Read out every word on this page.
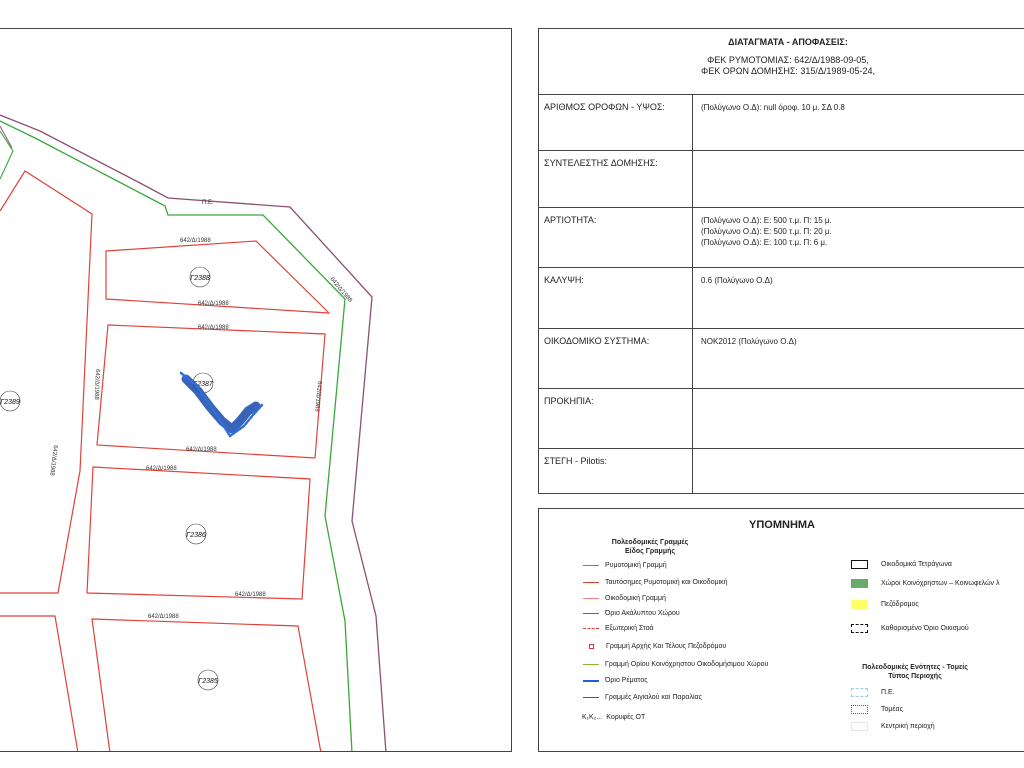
642/Δ/1988
642/Δ/1988
642/Δ/1988
642/Δ/1988
642/Δ/1988
642/Δ/1988
642/Δ/1988
642/Δ/1988
642/Δ/1988
642/Δ/1988
642/Δ/1988
Π.Ε.
Γ2388
Γ2387
Γ2389
Γ2386
Γ2385
ΔΙΑΤΑΓΜΑΤΑ - ΑΠΟΦΑΣΕΙΣ:
ΦΕΚ ΡΥΜΟΤΟΜΙΑΣ: 642/Δ/1988-09-05,
ΦΕΚ ΟΡΩΝ ΔΟΜΗΣΗΣ: 315/Δ/1989-05-24,
ΑΡΙΘΜΟΣ ΟΡΟΦΩΝ - ΥΨΟΣ:	(Πολύγωνο Ο.Δ): null όροφ. 10 μ. ΣΔ 0.8
ΣΥΝΤΕΛΕΣΤΗΣ ΔΟΜΗΣΗΣ:
ΑΡΤΙΟΤΗΤΑ:	(Πολύγωνο Ο.Δ): Ε: 500 τ.μ. Π: 15 μ.
(Πολύγωνο Ο.Δ): Ε: 500 τ.μ. Π: 20 μ.
(Πολύγωνο Ο.Δ): Ε: 100 τ.μ. Π: 6 μ.
ΚΑΛΥΨΗ:	0.6 (Πολύγωνο Ο.Δ)
ΟΙΚΟΔΟΜΙΚΟ ΣΥΣΤΗΜΑ:	ΝΟΚ2012 (Πολύγωνο Ο.Δ)
ΠΡΟΚΗΠΙΑ:
ΣΤΕΓΗ - Pilotis:
ΥΠΟΜΝΗΜΑ
Πολεοδομικές Γραμμές
Είδος Γραμμής
Ρυμοτομική Γραμμή
Ταυτόσημες Ρυμοτομική και Οικοδομική
Οικοδομική Γραμμή
Όριο Ακάλυπτου Χώρου
Εξωτερική Στοά
Γραμμή Αρχής Και Τέλους Πεζοδρόμου
Γραμμή Ορίου Κοινόχρηστου Οικοδομήσιμου Χώρου
Όριο Ρέματος
Γραμμές Αιγιαλού και Παραλίας
Κ₁Κ₂... Κορυφές ΟΤ
Οικοδομικά Τετράγωνα
Χώροι Κοινόχρηστων – Κοινωφελών λ
Πεζόδρομος
Καθορισμένο Όριο Οικισμού
Πολεοδομικές Ενότητες - Τομείς
Τύπος Περιοχής
Π.Ε.
Τομέας
Κεντρική περιοχή
